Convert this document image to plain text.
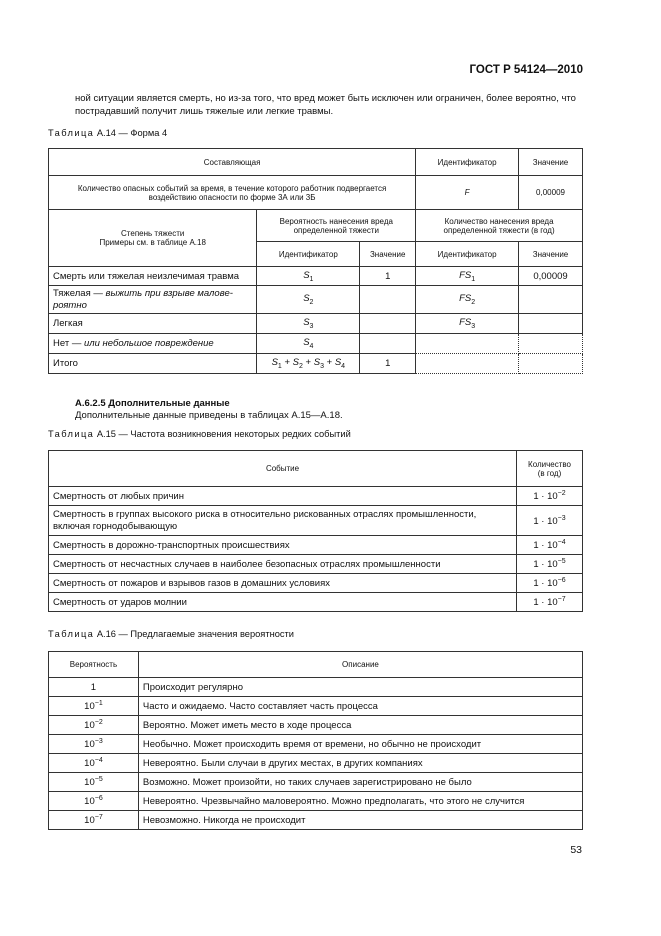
ГОСТ Р 54124—2010
ной ситуации является смерть, но из-за того, что вред может быть исключен или ограничен, более вероятно, что пострадавший получит лишь тяжелые или легкие травмы.
Таблица А.14 — Форма 4
Составляющая			Идентификатор	Значение
Количество опасных событий за время, в течение которого работник подвергается воздействию опасности по форме 3А или 3Б			F	0,00009
Степень тяжести
Примеры см. в таблице А.18	Вероятность нанесения вреда определенной тяжести		Количество нанесения вреда определенной тяжести (в год)	
	Идентификатор	Значение	Идентификатор	Значение
Смерть или тяжелая неизлечимая травма	$S_1$	1	$FS_1$	0,00009
Тяжелая — выжить при взрыве малове-роятно	$S_2$		$FS_2$	
Легкая	$S_3$		$FS_3$	
Нет — или небольшое повреждение	$S_4$			
Итого	$S_1 + S_2 + S_3 + S_4$	1		
А.6.2.5 Дополнительные данные
Дополнительные данные приведены в таблицах А.15—А.18.
Таблица А.15 — Частота возникновения некоторых редких событий
Событие	Количество
(в год)
Смертность от любых причин	$1 \cdot 10^{-2}$
Смертность в группах высокого риска в относительно рискованных отраслях промышленности, включая горнодобывающую	$1 \cdot 10^{-3}$
Смертность в дорожно-транспортных происшествиях	$1 \cdot 10^{-4}$
Смертность от несчастных случаев в наиболее безопасных отраслях промышленности	$1 \cdot 10^{-5}$
Смертность от пожаров и взрывов газов в домашних условиях	$1 \cdot 10^{-6}$
Смертность от ударов молнии	$1 \cdot 10^{-7}$
Таблица А.16 — Предлагаемые значения вероятности
Вероятность	Описание
1	Происходит регулярно
$10^{-1}$	Часто и ожидаемо. Часто составляет часть процесса
$10^{-2}$	Вероятно. Может иметь место в ходе процесса
$10^{-3}$	Необычно. Может происходить время от времени, но обычно не происходит
$10^{-4}$	Невероятно. Были случаи в других местах, в других компаниях
$10^{-5}$	Возможно. Может произойти, но таких случаев зарегистрировано не было
$10^{-6}$	Невероятно. Чрезвычайно маловероятно. Можно предполагать, что этого не случится
$10^{-7}$	Невозможно. Никогда не происходит
53
